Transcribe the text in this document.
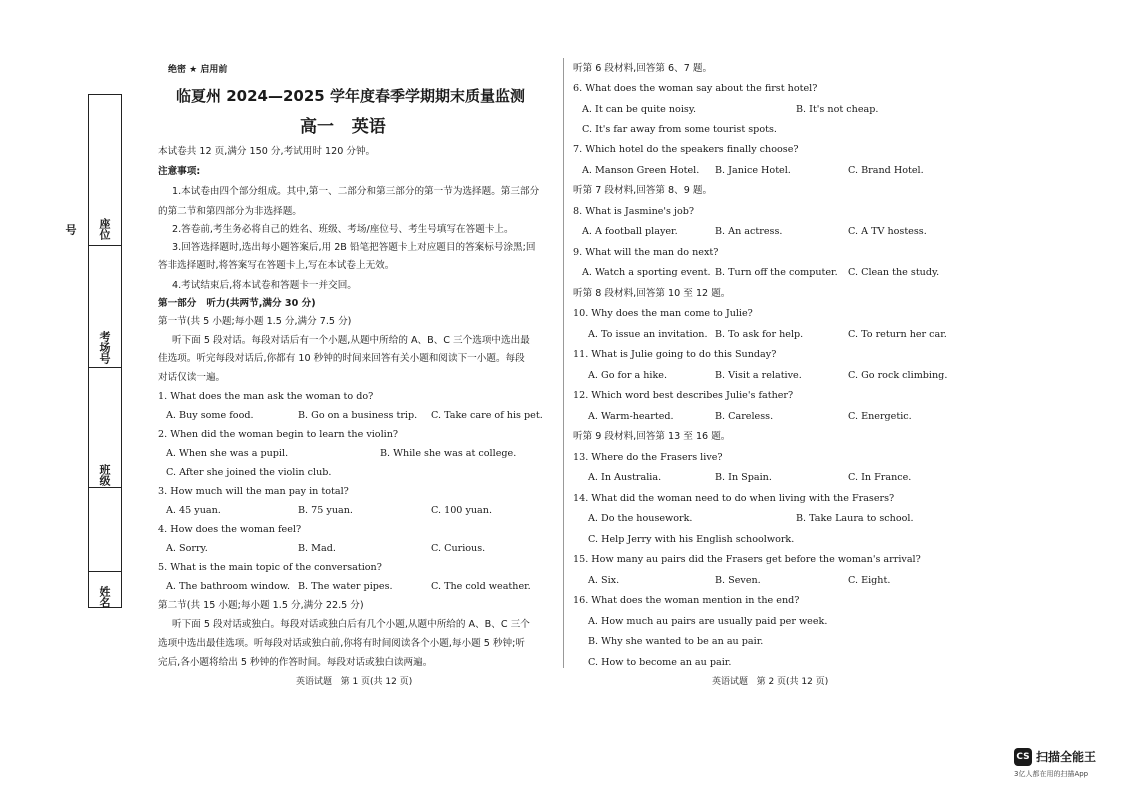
座位号
考场号
班级
姓名
绝密 ★ 启用前
临夏州 2024—2025 学年度春季学期期末质量监测
高一   英语
本试卷共 12 页,满分 150 分,考试用时 120 分钟。
注意事项:
1.本试卷由四个部分组成。其中,第一、二部分和第三部分的第一节为选择题。第三部分
的第二节和第四部分为非选择题。
2.答卷前,考生务必将自己的姓名、班级、考场/座位号、考生号填写在答题卡上。
3.回答选择题时,选出每小题答案后,用 2B 铅笔把答题卡上对应题目的答案标号涂黑;回
答非选择题时,将答案写在答题卡上,写在本试卷上无效。
4.考试结束后,将本试卷和答题卡一并交回。
第一部分   听力(共两节,满分 30 分)
第一节(共 5 小题;每小题 1.5 分,满分 7.5 分)
听下面 5 段对话。每段对话后有一个小题,从题中所给的 A、B、C 三个选项中选出最
佳选项。听完每段对话后,你都有 10 秒钟的时间来回答有关小题和阅读下一小题。每段
对话仅读一遍。
1. What does the man ask the woman to do?
A. Buy some food.	B. Go on a business trip. C. Take care of his pet.
2. When did the woman begin to learn the violin?
A. When she was a pupil.	B. While she was at college.
C. After she joined the violin club.
3. How much will the man pay in total?
A. 45 yuan.	B. 75 yuan.	C. 100 yuan.
4. How does the woman feel?
A. Sorry.	B. Mad.	C. Curious.
5. What is the main topic of the conversation?
A. The bathroom window. B. The water pipes.	C. The cold weather.
第二节(共 15 小题;每小题 1.5 分,满分 22.5 分)
听下面 5 段对话或独白。每段对话或独白后有几个小题,从题中所给的 A、B、C 三个
选项中选出最佳选项。听每段对话或独白前,你将有时间阅读各个小题,每小题 5 秒钟;听
完后,各小题将给出 5 秒钟的作答时间。每段对话或独白读两遍。
英语试题   第 1 页(共 12 页)
听第 6 段材料,回答第 6、7 题。
6. What does the woman say about the first hotel?
A. It can be quite noisy.	B. It's not cheap.
C. It's far away from some tourist spots.
7. Which hotel do the speakers finally choose?
A. Manson Green Hotel. B. Janice Hotel.	C. Brand Hotel.
听第 7 段材料,回答第 8、9 题。
8. What is Jasmine's job?
A. A football player.	B. An actress.	C. A TV hostess.
9. What will the man do next?
A. Watch a sporting event. B. Turn off the computer. C. Clean the study.
听第 8 段材料,回答第 10 至 12 题。
10. Why does the man come to Julie?
A. To issue an invitation. B. To ask for help.	C. To return her car.
11. What is Julie going to do this Sunday?
A. Go for a hike.	B. Visit a relative.	C. Go rock climbing.
12. Which word best describes Julie's father?
A. Warm-hearted.	B. Careless.	C. Energetic.
听第 9 段材料,回答第 13 至 16 题。
13. Where do the Frasers live?
A. In Australia.	B. In Spain.	C. In France.
14. What did the woman need to do when living with the Frasers?
A. Do the housework.	B. Take Laura to school.
C. Help Jerry with his English schoolwork.
15. How many au pairs did the Frasers get before the woman's arrival?
A. Six.	B. Seven.	C. Eight.
16. What does the woman mention in the end?
A. How much au pairs are usually paid per week.
B. Why she wanted to be an au pair.
C. How to become an au pair.
英语试题   第 2 页(共 12 页)
CS 扫描全能王
3亿人都在用的扫描App
